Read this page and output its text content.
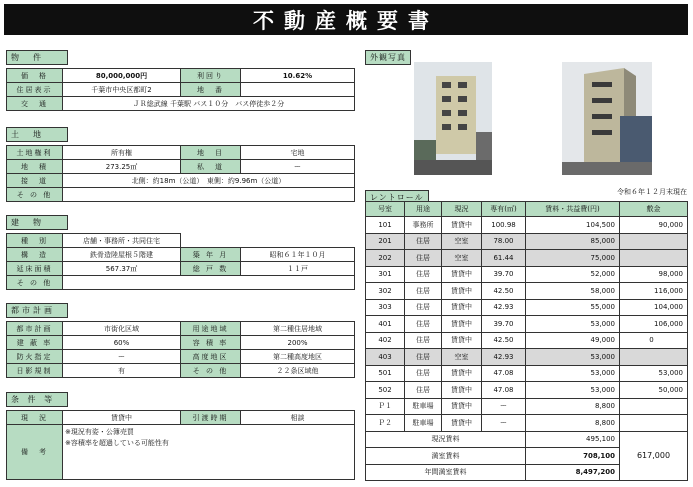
不動産概要書
物　件
価　格	80,000,000円	利回り	10.62%
住居表示	千葉市中央区都町2	地　番	
交　通	ＪＲ総武線 千葉駅 バス１０分　バス停徒歩２分		
土　地
土地権利	所有権	地　目	宅地
地　積	273.25㎡	私　道	ー
接　道	北側：約18m（公道）　東側：約9.96m（公道）		
そ の 他			
建　物
種　別	店舗・事務所・共同住宅		
構　造	鉄骨造陸屋根５階建	築 年 月	昭和６１年１０月
延床面積	567.37㎡	総 戸 数	１１戸
そ の 他			
都市計画
都市計画	市街化区域	用途地域	第二種住居地域
建 蔽 率	60%	容 積 率	200%
防火指定	ー	高度地区	第二種高度地区
日影規制	有	そ の 他	２２条区域他
条 件 等
現　況	賃貸中	引渡時期	相談
備　考	※現況有姿・公簿売買
※容積率を超過している可能性有		
外観写真
レントロール
令和６年１２月末現在
号室	用途	現況	専有(㎡)	賃料・共益費(円)	敷金
101	事務所	賃貸中	100.98	104,500	90,000
201	住居	空室	78.00	85,000	
202	住居	空室	61.44	75,000	
301	住居	賃貸中	39.70	52,000	98,000
302	住居	賃貸中	42.50	58,000	116,000
303	住居	賃貸中	42.93	55,000	104,000
401	住居	賃貸中	39.70	53,000	106,000
402	住居	賃貸中	42.50	49,000	0
403	住居	空室	42.93	53,000	
501	住居	賃貸中	47.08	53,000	53,000
502	住居	賃貸中	47.08	53,000	50,000
Ｐ１	駐車場	賃貸中	ー	8,800	
Ｐ２	駐車場	賃貸中	ー	8,800	
現況賃料				495,100	617,000
満室賃料				708,100	
年間満室賃料				8,497,200	
